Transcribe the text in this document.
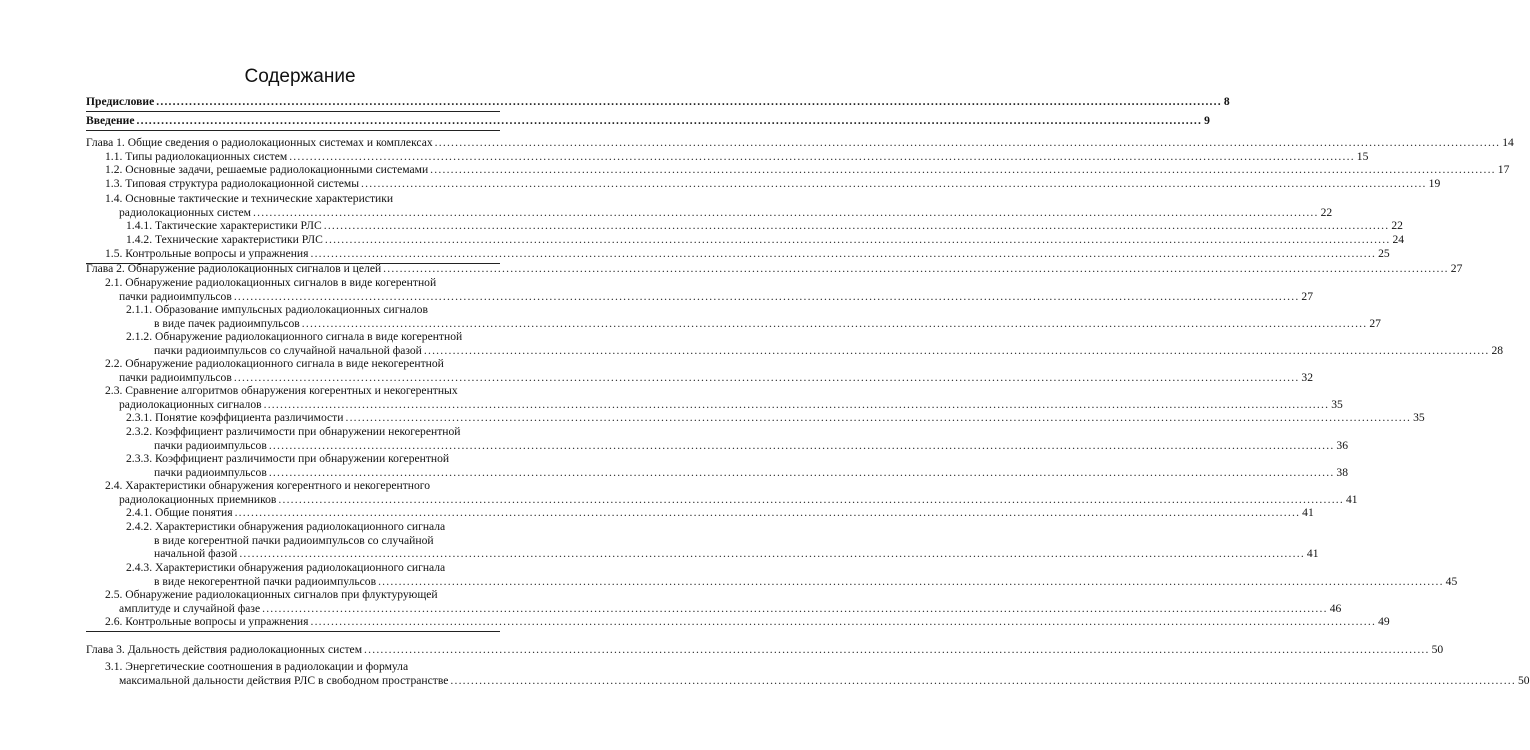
Содержание
Предисловие .................................................................................................................................................................................................................................................................... 8
Введение .................................................................................................................................................................................................................................................................... 9
Глава 1. Общие сведения о радиолокационных системах и комплексах .................................................................................................................................................................................................................................................................... 14
1.1. Типы радиолокационных систем .................................................................................................................................................................................................................................................................... 15
1.2. Основные задачи, решаемые радиолокационными системами .................................................................................................................................................................................................................................................................... 17
1.3. Типовая структура радиолокационной системы .................................................................................................................................................................................................................................................................... 19
1.4. Основные тактические и технические характеристики
радиолокационных систем .................................................................................................................................................................................................................................................................... 22
1.4.1. Тактические характеристики РЛС .................................................................................................................................................................................................................................................................... 22
1.4.2. Технические характеристики РЛС .................................................................................................................................................................................................................................................................... 24
1.5. Контрольные вопросы и упражнения .................................................................................................................................................................................................................................................................... 25
Глава 2. Обнаружение радиолокационных сигналов и целей .................................................................................................................................................................................................................................................................... 27
2.1. Обнаружение радиолокационных сигналов в виде когерентной
пачки радиоимпульсов .................................................................................................................................................................................................................................................................... 27
2.1.1. Образование импульсных радиолокационных сигналов
в виде пачек радиоимпульсов .................................................................................................................................................................................................................................................................... 27
2.1.2. Обнаружение радиолокационного сигнала в виде когерентной
пачки радиоимпульсов со случайной начальной фазой .................................................................................................................................................................................................................................................................... 28
2.2. Обнаружение радиолокационного сигнала в виде некогерентной
пачки радиоимпульсов .................................................................................................................................................................................................................................................................... 32
2.3. Сравнение алгоритмов обнаружения когерентных и некогерентных
радиолокационных сигналов .................................................................................................................................................................................................................................................................... 35
2.3.1. Понятие коэффициента различимости .................................................................................................................................................................................................................................................................... 35
2.3.2. Коэффициент различимости при обнаружении некогерентной
пачки радиоимпульсов .................................................................................................................................................................................................................................................................... 36
2.3.3. Коэффициент различимости при обнаружении когерентной
пачки радиоимпульсов .................................................................................................................................................................................................................................................................... 38
2.4. Характеристики обнаружения когерентного и некогерентного
радиолокационных приемников .................................................................................................................................................................................................................................................................... 41
2.4.1. Общие понятия .................................................................................................................................................................................................................................................................... 41
2.4.2. Характеристики обнаружения радиолокационного сигнала
в виде когерентной пачки радиоимпульсов со случайной
начальной фазой .................................................................................................................................................................................................................................................................... 41
2.4.3. Характеристики обнаружения радиолокационного сигнала
в виде некогерентной пачки радиоимпульсов .................................................................................................................................................................................................................................................................... 45
2.5. Обнаружение радиолокационных сигналов при флуктурующей
амплитуде и случайной фазе .................................................................................................................................................................................................................................................................... 46
2.6. Контрольные вопросы и упражнения .................................................................................................................................................................................................................................................................... 49
Глава 3. Дальность действия радиолокационных систем .................................................................................................................................................................................................................................................................... 50
3.1. Энергетические соотношения в радиолокации и формула
максимальной дальности действия РЛС в свободном пространстве .................................................................................................................................................................................................................................................................... 50
